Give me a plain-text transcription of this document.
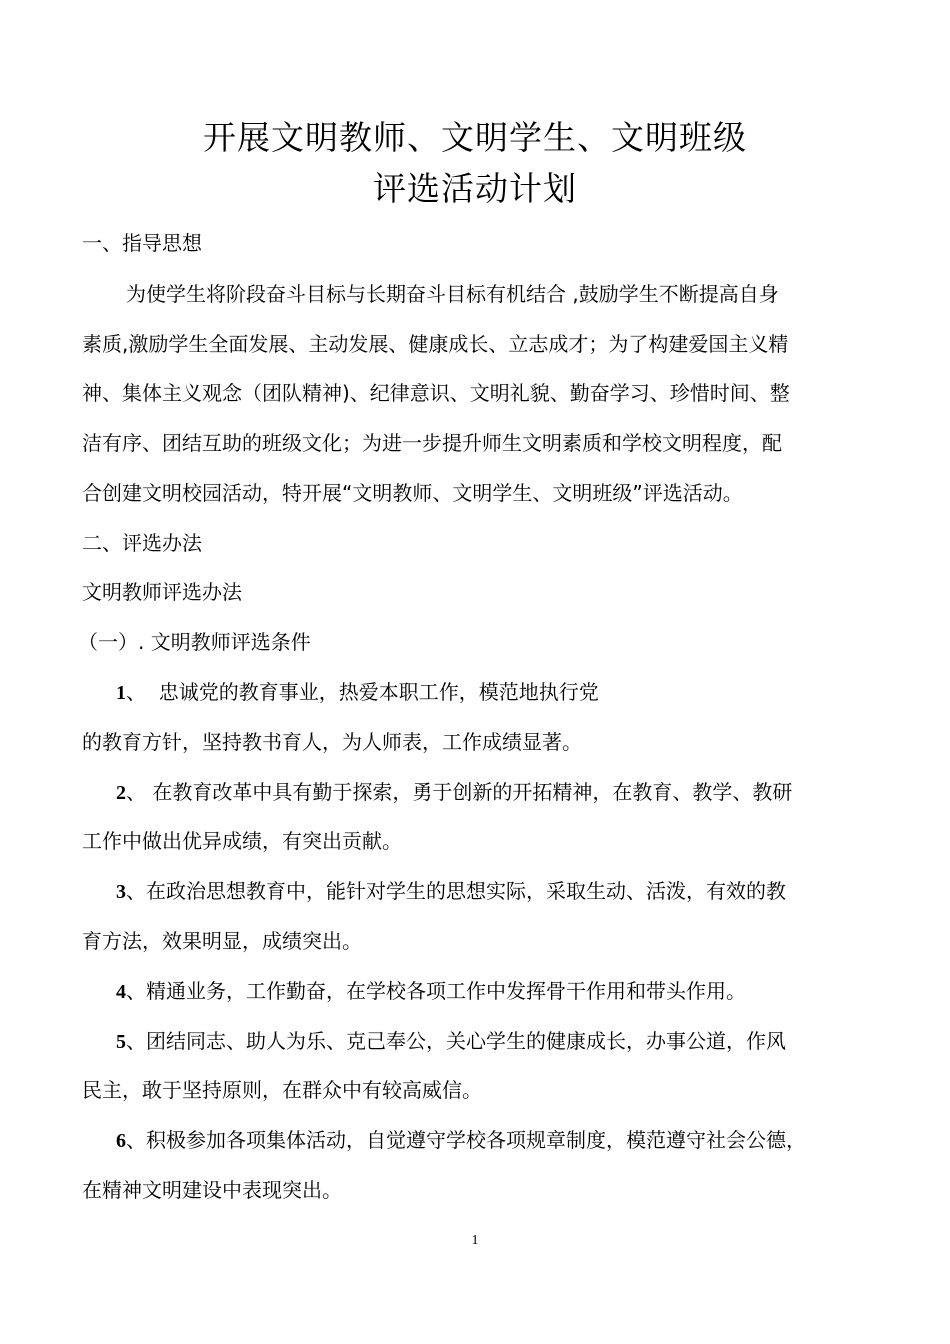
开展文明教师、文明学生、文明班级
评选活动计划
一、指导思想
为使学生将阶段奋斗目标与长期奋斗目标有机结合 ,鼓励学生不断提高自身
素质,激励学生全面发展、主动发展、健康成长、立志成才；为了构建爱国主义精
神、集体主义观念（团队精神)、纪律意识、文明礼貌、勤奋学习、珍惜时间、整
洁有序、团结互助的班级文化；为进一步提升师生文明素质和学校文明程度，配
合创建文明校园活动，特开展“文明教师、文明学生、文明班级”评选活动。
二、评选办法
文明教师评选办法
（一）. 文明教师评选条件
1、  忠诚党的教育事业，热爱本职工作，模范地执行党
的教育方针，坚持教书育人，为人师表，工作成绩显著。
2、 在教育改革中具有勤于探索，勇于创新的开拓精神，在教育、教学、教研
工作中做出优异成绩，有突出贡献。
3、在政治思想教育中，能针对学生的思想实际，采取生动、活泼，有效的教
育方法，效果明显，成绩突出。
4、精通业务，工作勤奋，在学校各项工作中发挥骨干作用和带头作用。
5、团结同志、助人为乐、克己奉公，关心学生的健康成长，办事公道，作风
民主，敢于坚持原则，在群众中有较高威信。
6、积极参加各项集体活动，自觉遵守学校各项规章制度，模范遵守社会公德，
在精神文明建设中表现突出。
1
